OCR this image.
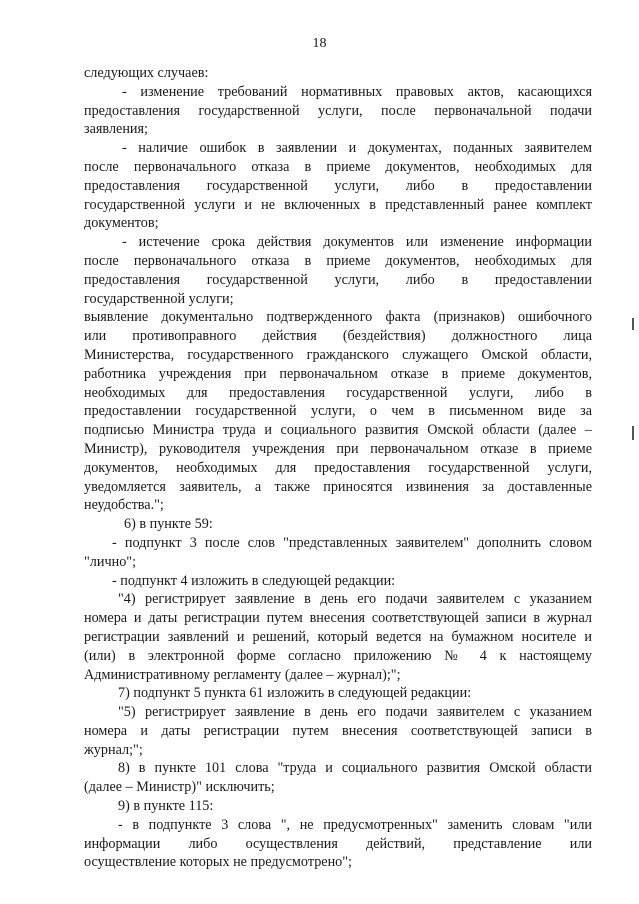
18
следующих случаев:
- изменение требований нормативных правовых актов, касающихся
предоставления государственной услуги, после первоначальной подачи
заявления;
- наличие ошибок в заявлении и документах, поданных заявителем
после первоначального отказа в приеме документов, необходимых для
предоставления государственной услуги, либо в предоставлении
государственной услуги и не включенных в представленный ранее комплект
документов;
- истечение срока действия документов или изменение информации
после первоначального отказа в приеме документов, необходимых для
предоставления государственной услуги, либо в предоставлении
государственной услуги;
выявление документально подтвержденного факта (признаков) ошибочного
или противоправного действия (бездействия) должностного лица
Министерства, государственного гражданского служащего Омской области,
работника учреждения при первоначальном отказе в приеме документов,
необходимых для предоставления государственной услуги, либо в
предоставлении государственной услуги, о чем в письменном виде за
подписью Министра труда и социального развития Омской области (далее –
Министр), руководителя учреждения при первоначальном отказе в приеме
документов, необходимых для предоставления государственной услуги,
уведомляется заявитель, а также приносятся извинения за доставленные
неудобства.";
6) в пункте 59:
- подпункт 3 после слов "представленных заявителем" дополнить словом
"лично";
- подпункт 4 изложить в следующей редакции:
"4) регистрирует заявление в день его подачи заявителем с указанием
номера и даты регистрации путем внесения соответствующей записи в журнал
регистрации заявлений и решений, который ведется на бумажном носителе и
(или) в электронной форме согласно приложению № 4 к настоящему
Административному регламенту (далее – журнал);";
7) подпункт 5 пункта 61 изложить в следующей редакции:
"5) регистрирует заявление в день его подачи заявителем с указанием
номера и даты регистрации путем внесения соответствующей записи в
журнал;";
8) в пункте 101 слова "труда и социального развития Омской области
(далее – Министр)" исключить;
9) в пункте 115:
- в подпункте 3 слова ", не предусмотренных" заменить словам "или
информации либо осуществления действий, представление или
осуществление которых не предусмотрено";
